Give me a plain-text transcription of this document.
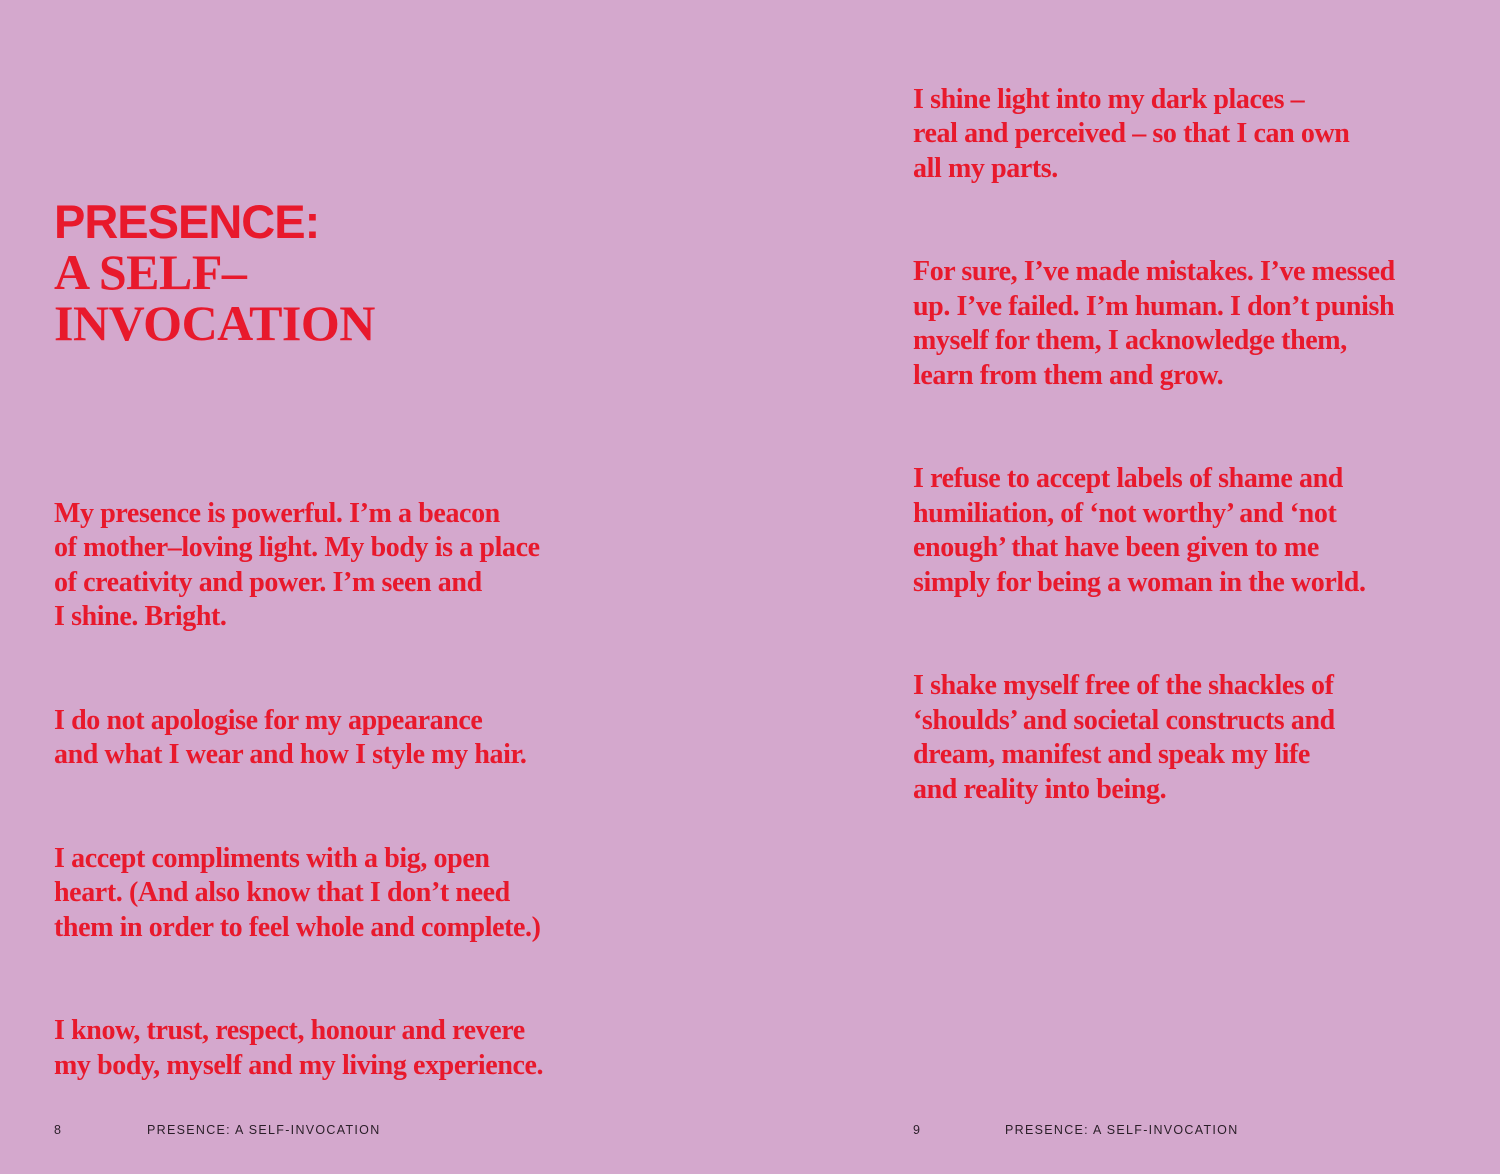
PRESENCE:
A SELF–
INVOCATION

My presence is powerful. I’m a beacon
of mother–loving light. My body is a place
of creativity and power. I’m seen and
I shine. Bright.

I do not apologise for my appearance
and what I wear and how I style my hair.

I accept compliments with a big, open
heart. (And also know that I don’t need
them in order to feel whole and complete.)

I know, trust, respect, honour and revere
my body, myself and my living experience.

8	PRESENCE: A SELF-INVOCATION

I shine light into my dark places –
real and perceived – so that I can own
all my parts.

For sure, I’ve made mistakes. I’ve messed
up. I’ve failed. I’m human. I don’t punish
myself for them, I acknowledge them,
learn from them and grow.

I refuse to accept labels of shame and
humiliation, of ‘not worthy’ and ‘not
enough’ that have been given to me
simply for being a woman in the world.

I shake myself free of the shackles of
‘shoulds’ and societal constructs and
dream, manifest and speak my life
and reality into being.

9	PRESENCE: A SELF-INVOCATION
